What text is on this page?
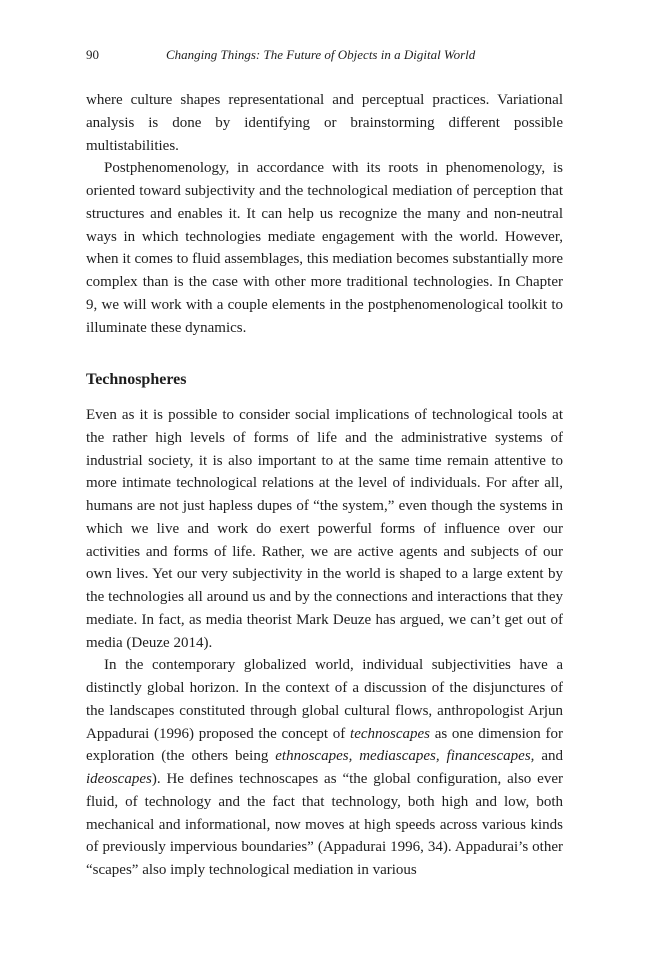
90	Changing Things: The Future of Objects in a Digital World

where culture shapes representational and perceptual practices. Variational analysis is done by identifying or brainstorming different possible multistabilities.

Postphenomenology, in accordance with its roots in phenomenology, is oriented toward subjectivity and the technological mediation of perception that structures and enables it. It can help us recognize the many and non-neutral ways in which technologies mediate engagement with the world. However, when it comes to fluid assemblages, this mediation becomes substantially more complex than is the case with other more traditional technologies. In Chapter 9, we will work with a couple elements in the postphenomenological toolkit to illuminate these dynamics.

Technospheres

Even as it is possible to consider social implications of technological tools at the rather high levels of forms of life and the administrative systems of industrial society, it is also important to at the same time remain attentive to more intimate technological relations at the level of individuals. For after all, humans are not just hapless dupes of “the system,” even though the systems in which we live and work do exert powerful forms of influence over our activities and forms of life. Rather, we are active agents and subjects of our own lives. Yet our very subjectivity in the world is shaped to a large extent by the technologies all around us and by the connections and interactions that they mediate. In fact, as media theorist Mark Deuze has argued, we can’t get out of media (Deuze 2014).

In the contemporary globalized world, individual subjectivities have a distinctly global horizon. In the context of a discussion of the disjunctures of the landscapes constituted through global cultural flows, anthropologist Arjun Appadurai (1996) proposed the concept of technoscapes as one dimension for exploration (the others being ethnoscapes, mediascapes, financescapes, and ideoscapes). He defines technoscapes as “the global configuration, also ever fluid, of technology and the fact that technology, both high and low, both mechanical and informational, now moves at high speeds across various kinds of previously impervious boundaries” (Appadurai 1996, 34). Appadurai’s other “scapes” also imply technological mediation in various
